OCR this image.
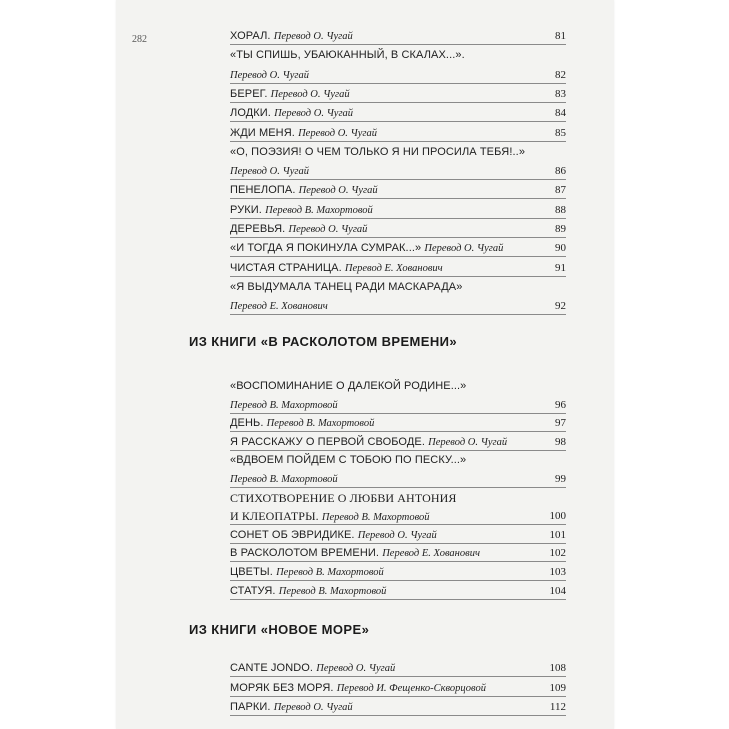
282	ХОРАЛ. Перевод О. Чугай	81
«ТЫ СПИШЬ, УБАЮКАННЫЙ, В СКАЛАХ...».
Перевод О. Чугай	82
БЕРЕГ. Перевод О. Чугай	83
ЛОДКИ. Перевод О. Чугай	84
ЖДИ МЕНЯ. Перевод О. Чугай	85
«О, ПОЭЗИЯ! О ЧЕМ ТОЛЬКО Я НИ ПРОСИЛА ТЕБЯ!..»
Перевод О. Чугай	86
ПЕНЕЛОПА. Перевод О. Чугай	87
РУКИ. Перевод В. Махортовой	88
ДЕРЕВЬЯ. Перевод О. Чугай	89
«И ТОГДА Я ПОКИНУЛА СУМРАК...» Перевод О. Чугай	90
ЧИСТАЯ СТРАНИЦА. Перевод Е. Хованович	91
«Я ВЫДУМАЛА ТАНЕЦ РАДИ МАСКАРАДА»
Перевод Е. Хованович	92
ИЗ КНИГИ «В РАСКОЛОТОМ ВРЕМЕНИ»
«ВОСПОМИНАНИЕ О ДАЛЕКОЙ РОДИНЕ...»
Перевод В. Махортовой	96
ДЕНЬ. Перевод В. Махортовой	97
Я РАССКАЖУ О ПЕРВОЙ СВОБОДЕ. Перевод О. Чугай	98
«ВДВОЕМ ПОЙДЕМ С ТОБОЮ ПО ПЕСКУ...»
Перевод В. Махортовой	99
СТИХОТВОРЕНИЕ О ЛЮБВИ АНТОНИЯ
И КЛЕОПАТРЫ. Перевод В. Махортовой	100
СОНЕТ ОБ ЭВРИДИКЕ. Перевод О. Чугай	101
В РАСКОЛОТОМ ВРЕМЕНИ. Перевод Е. Хованович	102
ЦВЕТЫ. Перевод В. Махортовой	103
СТАТУЯ. Перевод В. Махортовой	104
ИЗ КНИГИ «НОВОЕ МОРЕ»
CANTE JONDO. Перевод О. Чугай	108
МОРЯК БЕЗ МОРЯ. Перевод И. Фещенко-Скворцовой	109
ПАРКИ. Перевод О. Чугай	112
